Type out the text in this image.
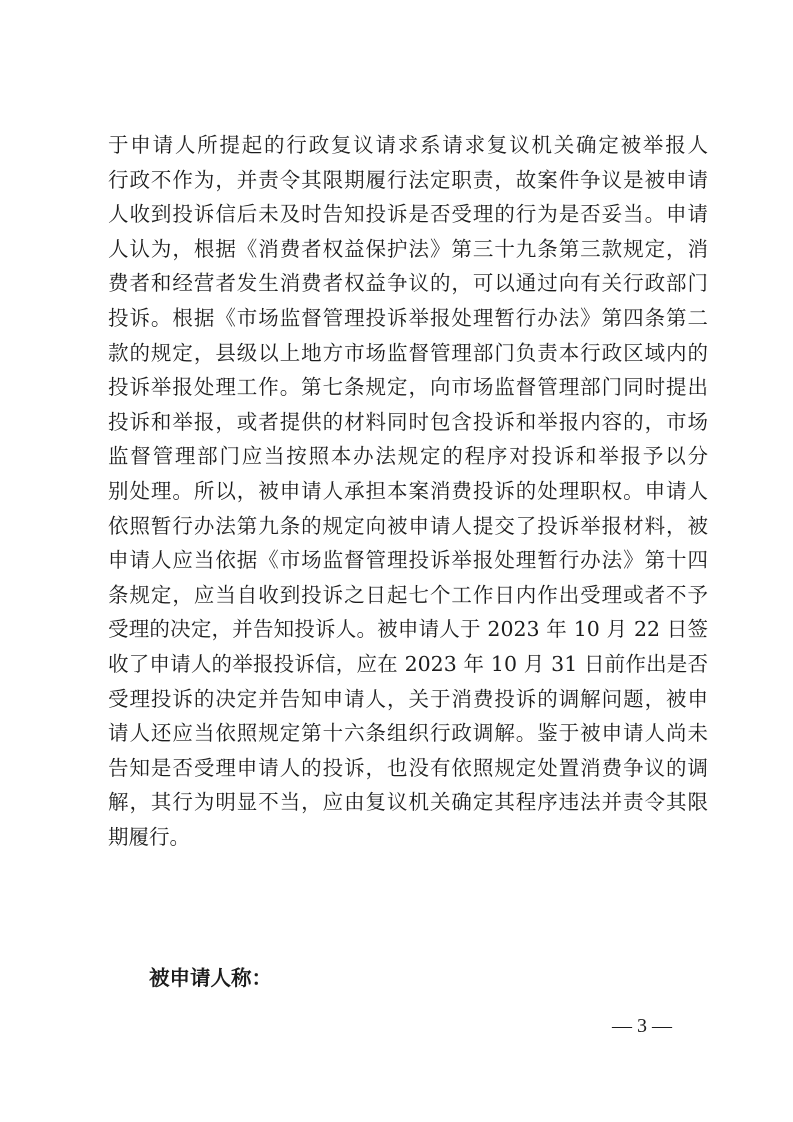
于申请人所提起的行政复议请求系请求复议机关确定被举报人
行政不作为，并责令其限期履行法定职责，故案件争议是被申请
人收到投诉信后未及时告知投诉是否受理的行为是否妥当。申请
人认为，根据《消费者权益保护法》第三十九条第三款规定，消
费者和经营者发生消费者权益争议的，可以通过向有关行政部门
投诉。根据《市场监督管理投诉举报处理暂行办法》第四条第二
款的规定，县级以上地方市场监督管理部门负责本行政区域内的
投诉举报处理工作。第七条规定，向市场监督管理部门同时提出
投诉和举报，或者提供的材料同时包含投诉和举报内容的，市场
监督管理部门应当按照本办法规定的程序对投诉和举报予以分
别处理。所以，被申请人承担本案消费投诉的处理职权。申请人
依照暂行办法第九条的规定向被申请人提交了投诉举报材料，被
申请人应当依据《市场监督管理投诉举报处理暂行办法》第十四
条规定，应当自收到投诉之日起七个工作日内作出受理或者不予
受理的决定，并告知投诉人。被申请人于 2023 年 10 月 22 日签
收了申请人的举报投诉信，应在 2023 年 10 月 31 日前作出是否
受理投诉的决定并告知申请人，关于消费投诉的调解问题，被申
请人还应当依照规定第十六条组织行政调解。鉴于被申请人尚未
告知是否受理申请人的投诉，也没有依照规定处置消费争议的调
解，其行为明显不当，应由复议机关确定其程序违法并责令其限
期履行。
被申请人称：
— 3 —
